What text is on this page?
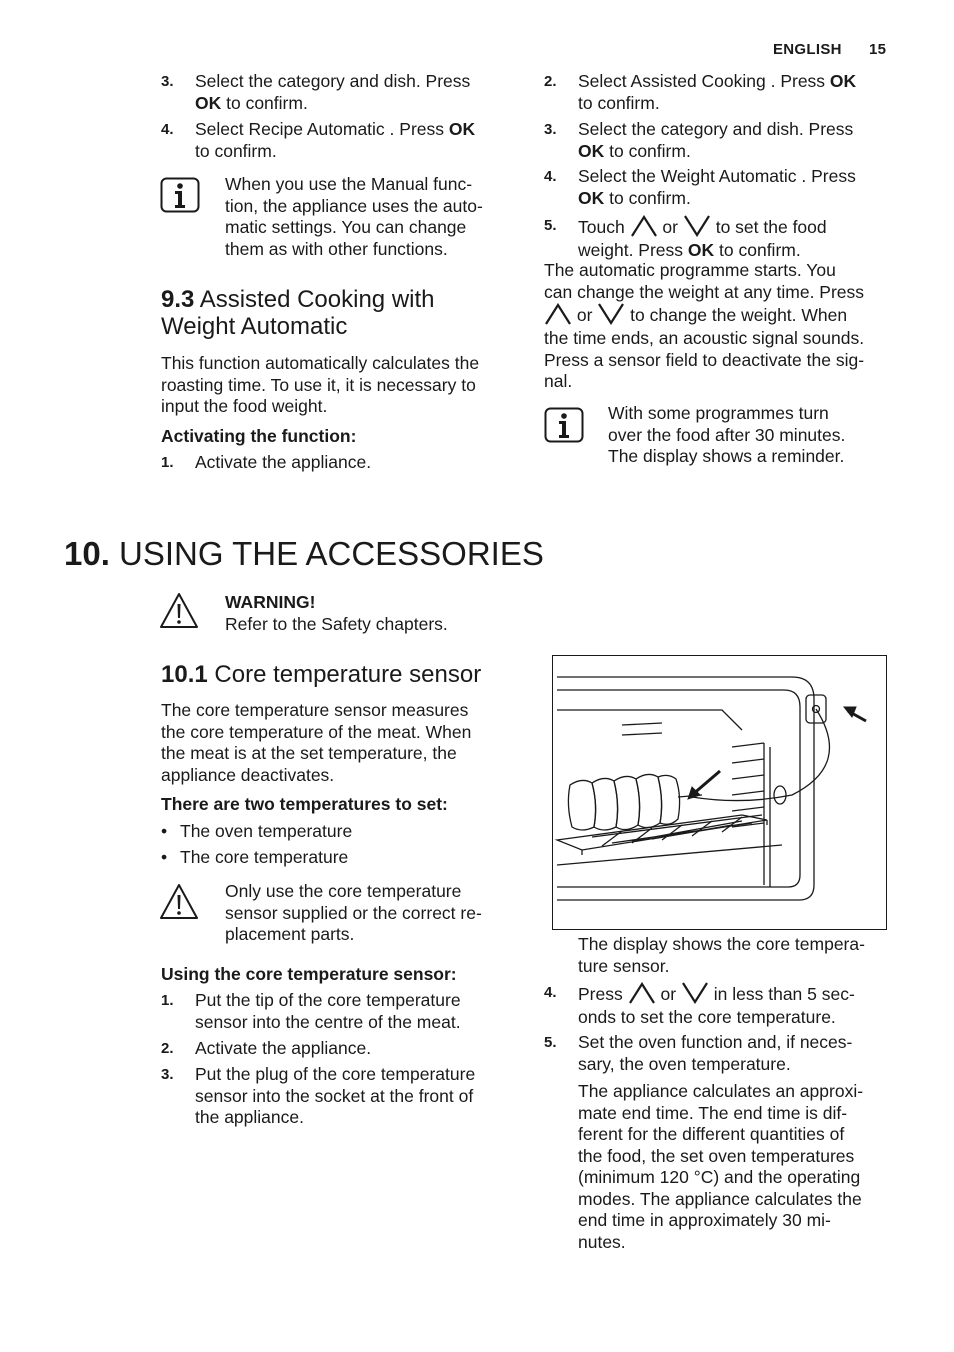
ENGLISH 15
3. Select the category and dish. Press
OK to confirm.
4. Select Recipe Automatic . Press OK
to confirm.
When you use the Manual func-
tion, the appliance uses the auto-
matic settings. You can change
them as with other functions.
9.3 Assisted Cooking with
Weight Automatic
This function automatically calculates the
roasting time. To use it, it is necessary to
input the food weight.
Activating the function:
1. Activate the appliance.
2. Select Assisted Cooking . Press OK
to confirm.
3. Select the category and dish. Press
OK to confirm.
4. Select the Weight Automatic . Press
OK to confirm.
5. Touch  or  to set the food
weight. Press OK to confirm.
The automatic programme starts. You
can change the weight at any time. Press
or  to change the weight. When
the time ends, an acoustic signal sounds.
Press a sensor field to deactivate the sig-
nal.
With some programmes turn
over the food after 30 minutes.
The display shows a reminder.
10. USING THE ACCESSORIES
WARNING!
Refer to the Safety chapters.
10.1 Core temperature sensor
The core temperature sensor measures
the core temperature of the meat. When
the meat is at the set temperature, the
appliance deactivates.
There are two temperatures to set:
• The oven temperature
• The core temperature
Only use the core temperature
sensor supplied or the correct re-
placement parts.
Using the core temperature sensor:
1. Put the tip of the core temperature
sensor into the centre of the meat.
2. Activate the appliance.
3. Put the plug of the core temperature
sensor into the socket at the front of
the appliance.
The display shows the core tempera-
ture sensor.
4. Press  or  in less than 5 sec-
onds to set the core temperature.
5. Set the oven function and, if neces-
sary, the oven temperature.
The appliance calculates an approxi-
mate end time. The end time is dif-
ferent for the different quantities of
the food, the set oven temperatures
(minimum 120 °C) and the operating
modes. The appliance calculates the
end time in approximately 30 mi-
nutes.
